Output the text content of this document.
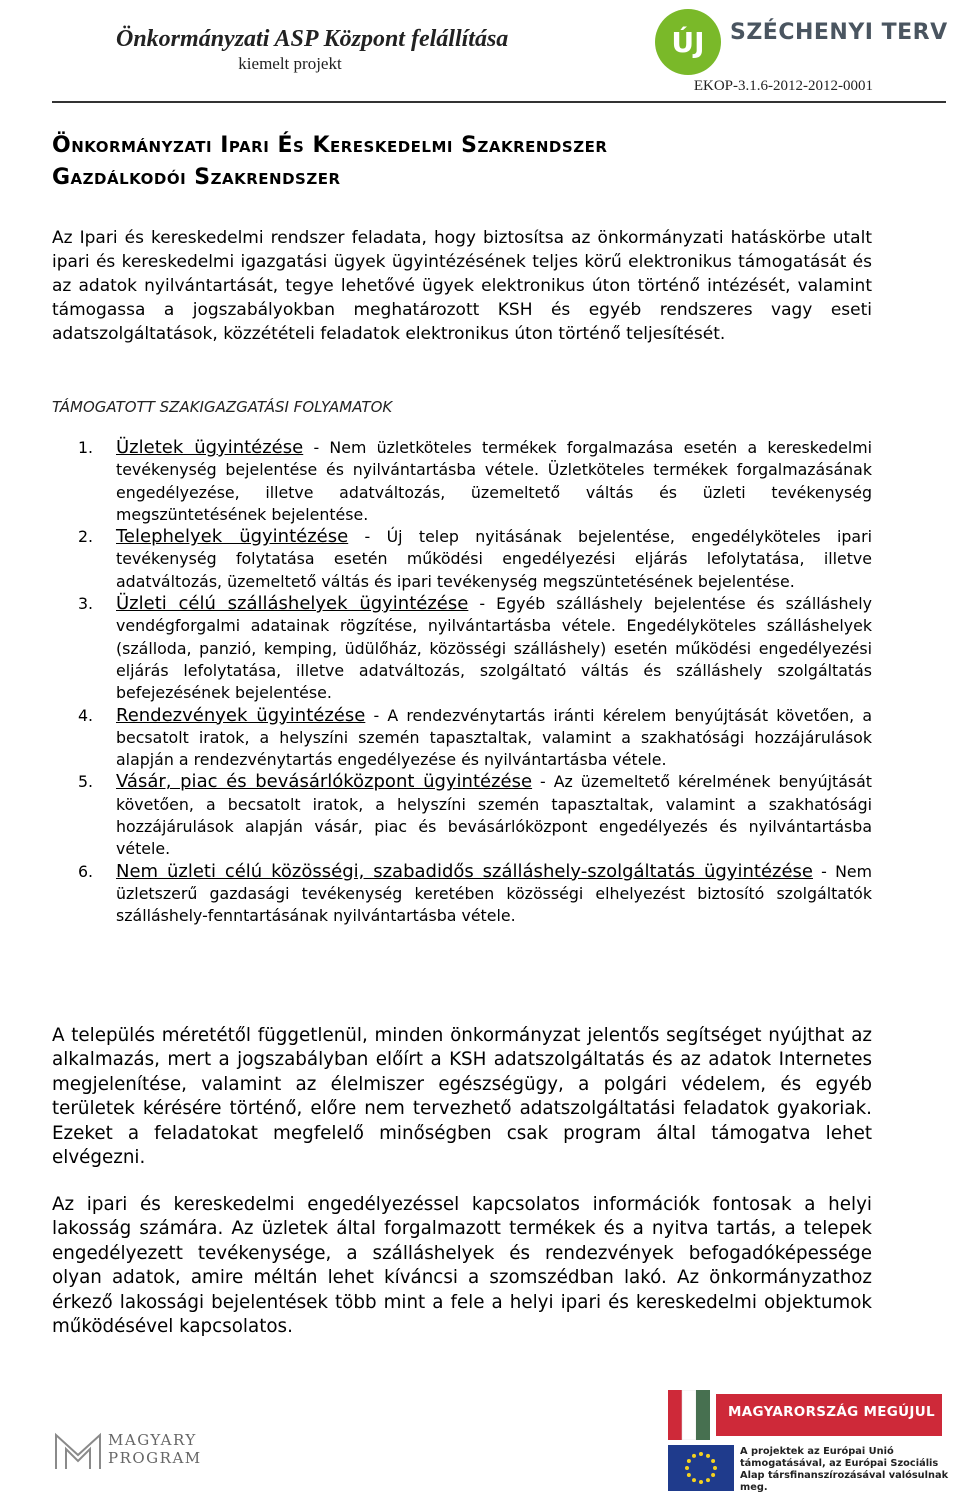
Önkormányzati ASP Központ felállítása
kiemelt projekt
EKOP-3.1.6-2012-2012-0001
ÚJ SZÉCHENYI TERV
Önkormányzati Ipari És Kereskedelmi Szakrendszer
Gazdálkodói Szakrendszer
Az Ipari és kereskedelmi rendszer feladata, hogy biztosítsa az önkormányzati hatáskörbe utalt ipari és kereskedelmi igazgatási ügyek ügyintézésének teljes körű elektronikus támogatását és az adatok nyilvántartását, tegye lehetővé ügyek elektronikus úton történő intézését, valamint támogassa a jogszabályokban meghatározott KSH és egyéb rendszeres vagy eseti adatszolgáltatások, közzétételi feladatok elektronikus úton történő teljesítését.
TÁMOGATOTT SZAKIGAZGATÁSI FOLYAMATOK
1. Üzletek ügyintézése - Nem üzletköteles termékek forgalmazása esetén a kereskedelmi tevékenység bejelentése és nyilvántartásba vétele. Üzletköteles termékek forgalmazásának engedélyezése, illetve adatváltozás, üzemeltető váltás és üzleti tevékenység megszüntetésének bejelentése.
2. Telephelyek ügyintézése - Új telep nyitásának bejelentése, engedélyköteles ipari tevékenység folytatása esetén működési engedélyezési eljárás lefolytatása, illetve adatváltozás, üzemeltető váltás és ipari tevékenység megszüntetésének bejelentése.
3. Üzleti célú szálláshelyek ügyintézése - Egyéb szálláshely bejelentése és szálláshely vendégforgalmi adatainak rögzítése, nyilvántartásba vétele. Engedélyköteles szálláshelyek (szálloda, panzió, kemping, üdülőház, közösségi szálláshely) esetén működési engedélyezési eljárás lefolytatása, illetve adatváltozás, szolgáltató váltás és szálláshely szolgáltatás befejezésének bejelentése.
4. Rendezvények ügyintézése - A rendezvénytartás iránti kérelem benyújtását követően, a becsatolt iratok, a helyszíni szemén tapasztaltak, valamint a szakhatósági hozzájárulások alapján a rendezvénytartás engedélyezése és nyilvántartásba vétele.
5. Vásár, piac és bevásárlóközpont ügyintézése - Az üzemeltető kérelmének benyújtását követően, a becsatolt iratok, a helyszíni szemén tapasztaltak, valamint a szakhatósági hozzájárulások alapján vásár, piac és bevásárlóközpont engedélyezés és nyilvántartásba vétele.
6. Nem üzleti célú közösségi, szabadidős szálláshely-szolgáltatás ügyintézése - Nem üzletszerű gazdasági tevékenység keretében közösségi elhelyezést biztosító szolgáltatók szálláshely-fenntartásának nyilvántartásba vétele.
A település méretétől függetlenül, minden önkormányzat jelentős segítséget nyújthat az alkalmazás, mert a jogszabályban előírt a KSH adatszolgáltatás és az adatok Internetes megjelenítése, valamint az élelmiszer egészségügy, a polgári védelem, és egyéb területek kérésére történő, előre nem tervezhető adatszolgáltatási feladatok gyakoriak. Ezeket a feladatokat megfelelő minőségben csak program által támogatva lehet elvégezni.
Az ipari és kereskedelmi engedélyezéssel kapcsolatos információk fontosak a helyi lakosság számára. Az üzletek által forgalmazott termékek és a nyitva tartás, a telepek engedélyezett tevékenysége, a szálláshelyek és rendezvények befogadóképessége olyan adatok, amire méltán lehet kíváncsi a szomszédban lakó. Az önkormányzathoz érkező lakossági bejelentések több mint a fele a helyi ipari és kereskedelmi objektumok működésével kapcsolatos.
MAGYARY
PROGRAM
MAGYARORSZÁG MEGÚJUL
A projektek az Európai Unió támogatásával, az Európai Szociális Alap társfinanszírozásával valósulnak meg.
